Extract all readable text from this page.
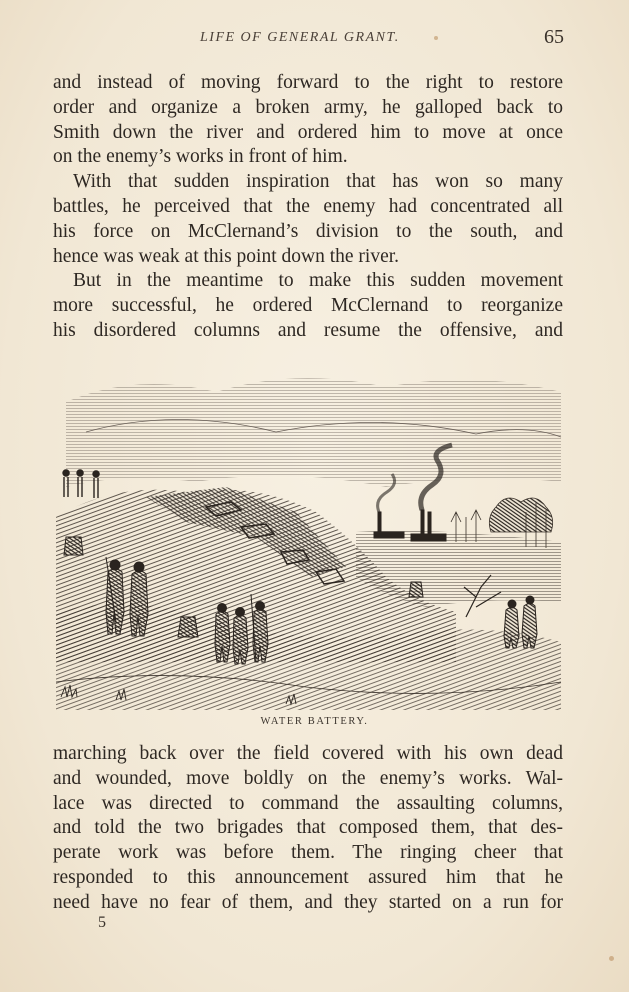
LIFE OF GENERAL GRANT.	65
and instead of moving forward to the right to restore
order and organize a broken army, he galloped back to
Smith down the river and ordered him to move at once
on the enemy’s works in front of him.
With that sudden inspiration that has won so many
battles, he perceived that the enemy had concentrated all
his force on McClernand’s division to the south, and
hence was weak at this point down the river.
But in the meantime to make this sudden movement
more successful, he ordered McClernand to reorganize
his disordered columns and resume the offensive, and
WATER BATTERY.
marching back over the field covered with his own dead
and wounded, move boldly on the enemy’s works. Wal-
lace was directed to command the assaulting columns,
and told the two brigades that composed them, that des-
perate work was before them. The ringing cheer that
responded to this announcement assured him that he
need have no fear of them, and they started on a run for
5
